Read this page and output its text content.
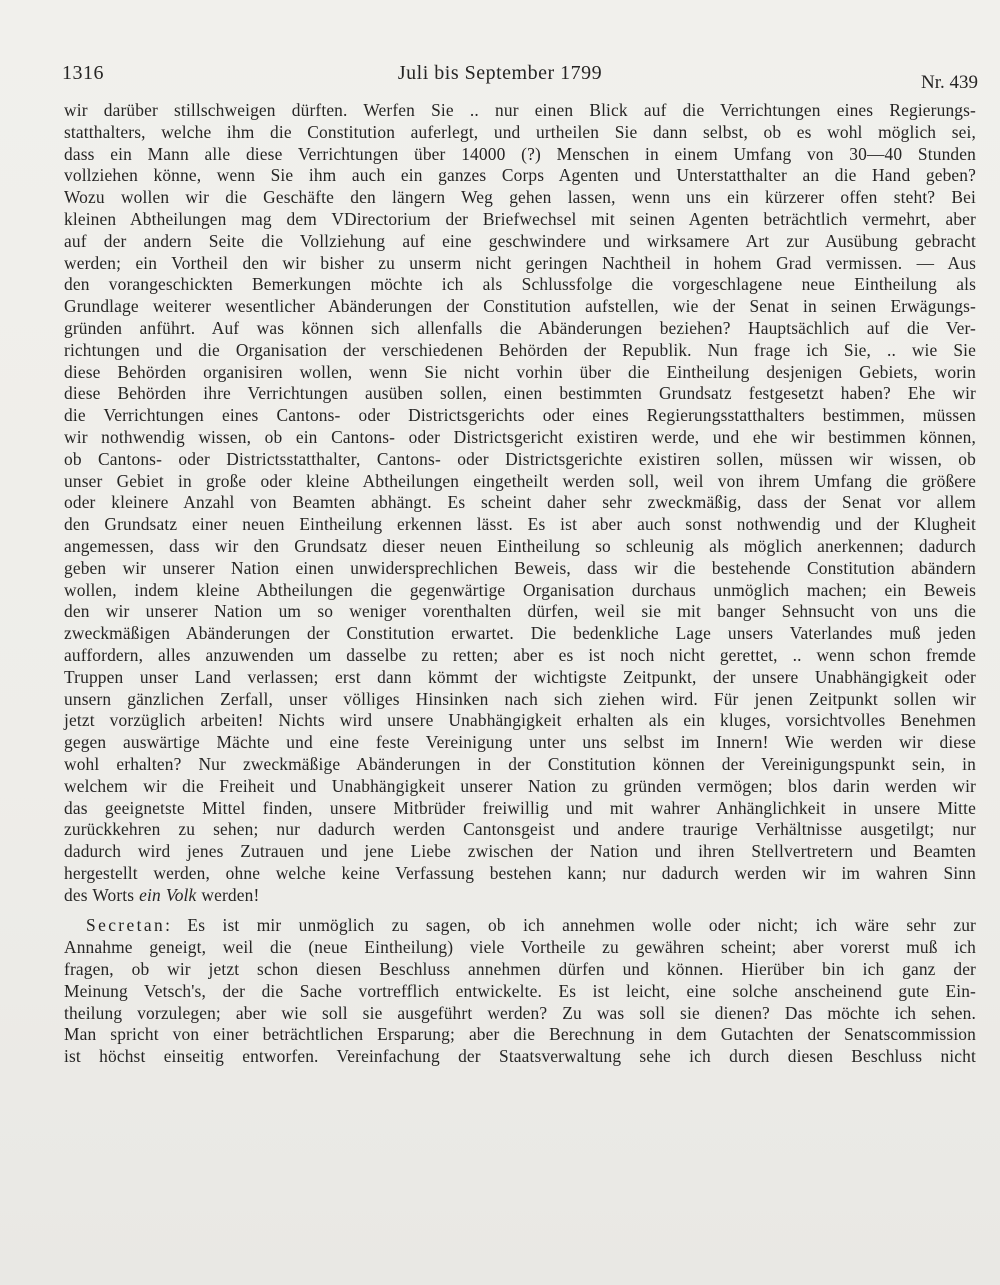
1316	Juli bis September 1799	Nr. 439
wir darüber stillschweigen dürften. Werfen Sie .. nur einen Blick auf die Verrichtungen eines Regierungs-
statthalters, welche ihm die Constitution auferlegt, und urtheilen Sie dann selbst, ob es wohl möglich sei,
dass ein Mann alle diese Verrichtungen über 14000 (?) Menschen in einem Umfang von 30—40 Stunden
vollziehen könne, wenn Sie ihm auch ein ganzes Corps Agenten und Unterstatthalter an die Hand geben?
Wozu wollen wir die Geschäfte den längern Weg gehen lassen, wenn uns ein kürzerer offen steht? Bei
kleinen Abtheilungen mag dem VDirectorium der Briefwechsel mit seinen Agenten beträchtlich vermehrt, aber
auf der andern Seite die Vollziehung auf eine geschwindere und wirksamere Art zur Ausübung gebracht
werden; ein Vortheil den wir bisher zu unserm nicht geringen Nachtheil in hohem Grad vermissen. — Aus
den vorangeschickten Bemerkungen möchte ich als Schlussfolge die vorgeschlagene neue Eintheilung als
Grundlage weiterer wesentlicher Abänderungen der Constitution aufstellen, wie der Senat in seinen Erwägungs-
gründen anführt. Auf was können sich allenfalls die Abänderungen beziehen? Hauptsächlich auf die Ver-
richtungen und die Organisation der verschiedenen Behörden der Republik. Nun frage ich Sie, .. wie Sie
diese Behörden organisiren wollen, wenn Sie nicht vorhin über die Eintheilung desjenigen Gebiets, worin
diese Behörden ihre Verrichtungen ausüben sollen, einen bestimmten Grundsatz festgesetzt haben? Ehe wir
die Verrichtungen eines Cantons- oder Districtsgerichts oder eines Regierungsstatthalters bestimmen, müssen
wir nothwendig wissen, ob ein Cantons- oder Districtsgericht existiren werde, und ehe wir bestimmen können,
ob Cantons- oder Districtsstatthalter, Cantons- oder Districtsgerichte existiren sollen, müssen wir wissen, ob
unser Gebiet in große oder kleine Abtheilungen eingetheilt werden soll, weil von ihrem Umfang die größere
oder kleinere Anzahl von Beamten abhängt. Es scheint daher sehr zweckmäßig, dass der Senat vor allem
den Grundsatz einer neuen Eintheilung erkennen lässt. Es ist aber auch sonst nothwendig und der Klugheit
angemessen, dass wir den Grundsatz dieser neuen Eintheilung so schleunig als möglich anerkennen; dadurch
geben wir unserer Nation einen unwidersprechlichen Beweis, dass wir die bestehende Constitution abändern
wollen, indem kleine Abtheilungen die gegenwärtige Organisation durchaus unmöglich machen; ein Beweis
den wir unserer Nation um so weniger vorenthalten dürfen, weil sie mit banger Sehnsucht von uns die
zweckmäßigen Abänderungen der Constitution erwartet. Die bedenkliche Lage unsers Vaterlandes muß jeden
auffordern, alles anzuwenden um dasselbe zu retten; aber es ist noch nicht gerettet, .. wenn schon fremde
Truppen unser Land verlassen; erst dann kömmt der wichtigste Zeitpunkt, der unsere Unabhängigkeit oder
unsern gänzlichen Zerfall, unser völliges Hinsinken nach sich ziehen wird. Für jenen Zeitpunkt sollen wir
jetzt vorzüglich arbeiten! Nichts wird unsere Unabhängigkeit erhalten als ein kluges, vorsichtvolles Benehmen
gegen auswärtige Mächte und eine feste Vereinigung unter uns selbst im Innern! Wie werden wir diese
wohl erhalten? Nur zweckmäßige Abänderungen in der Constitution können der Vereinigungspunkt sein, in
welchem wir die Freiheit und Unabhängigkeit unserer Nation zu gründen vermögen; blos darin werden wir
das geeignetste Mittel finden, unsere Mitbrüder freiwillig und mit wahrer Anhänglichkeit in unsere Mitte
zurückkehren zu sehen; nur dadurch werden Cantonsgeist und andere traurige Verhältnisse ausgetilgt; nur
dadurch wird jenes Zutrauen und jene Liebe zwischen der Nation und ihren Stellvertretern und Beamten
hergestellt werden, ohne welche keine Verfassung bestehen kann; nur dadurch werden wir im wahren Sinn
des Worts ein Volk werden!
Secretan: Es ist mir unmöglich zu sagen, ob ich annehmen wolle oder nicht; ich wäre sehr zur
Annahme geneigt, weil die (neue Eintheilung) viele Vortheile zu gewähren scheint; aber vorerst muß ich
fragen, ob wir jetzt schon diesen Beschluss annehmen dürfen und können. Hierüber bin ich ganz der
Meinung Vetsch's, der die Sache vortrefflich entwickelte. Es ist leicht, eine solche anscheinend gute Ein-
theilung vorzulegen; aber wie soll sie ausgeführt werden? Zu was soll sie dienen? Das möchte ich sehen.
Man spricht von einer beträchtlichen Ersparung; aber die Berechnung in dem Gutachten der Senatscommission
ist höchst einseitig entworfen. Vereinfachung der Staatsverwaltung sehe ich durch diesen Beschluss nicht
